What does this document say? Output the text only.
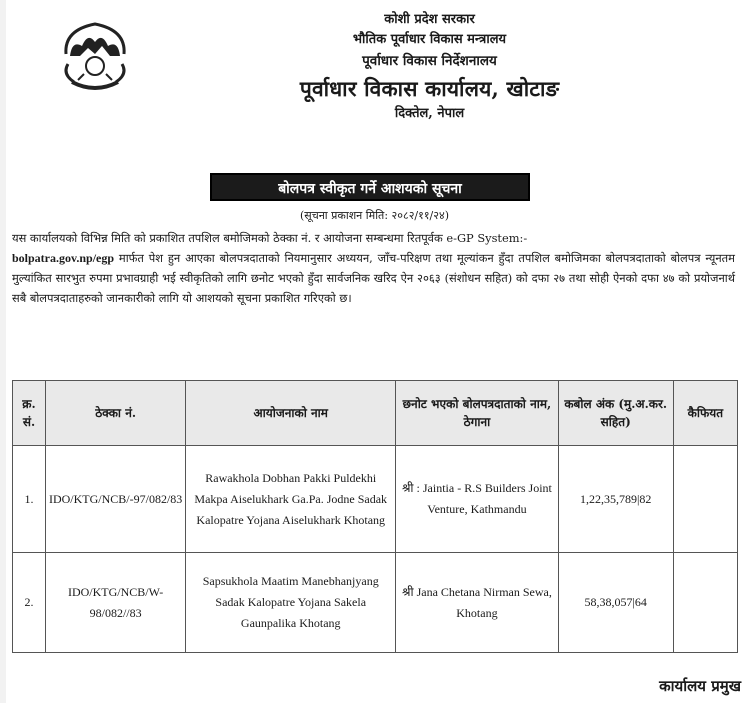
कोशी प्रदेश सरकार
भौतिक पूर्वाधार विकास मन्त्रालय
पूर्वाधार विकास निर्देशनालय
पूर्वाधार विकास कार्यालय, खोटाङ
दिक्तेल, नेपाल
बोलपत्र स्वीकृत गर्ने आशयको सूचना
(सूचना प्रकाशन मिति: २०८२/११/२४)
यस कार्यालयको विभिन्न मिति को प्रकाशित तपशिल बमोजिमको ठेक्का नं. र आयोजना सम्बन्धमा रितपूर्वक e-GP System:-
bolpatra.gov.np/egp मार्फत पेश हुन आएका बोलपत्रदाताको नियमानुसार अध्ययन, जाँच-परिक्षण तथा मूल्यांकन हुँदा तपशिल बमोजिमका बोलपत्रदाताको बोलपत्र न्यूनतम मुल्यांकित सारभुत रुपमा प्रभावग्राही भई स्वीकृतिको लागि छनोट भएको हुँदा सार्वजनिक खरिद ऐन २०६३ (संशोधन सहित) को दफा २७ तथा सोही ऐनको दफा ४७ को प्रयोजनार्थ सबै बोलपत्रदाताहरुको जानकारीको लागि यो आशयको सूचना प्रकाशित गरिएको छ।
क्र. सं.	ठेक्का नं.	आयोजनाको नाम	छनोट भएको बोलपत्रदाताको नाम, ठेगाना	कबोल अंक (मु.अ.कर. सहित)	कैफियत
1.	IDO/KTG/NCB/-97/082/83	Rawakhola Dobhan Pakki Puldekhi Makpa Aiselukhark Ga.Pa. Jodne Sadak Kalopatre Yojana Aiselukhark Khotang	श्री : Jaintia - R.S Builders Joint Venture, Kathmandu	1,22,35,789|82	
2.	IDO/KTG/NCB/W-98/082//83	Sapsukhola Maatim Manebhanjyang Sadak Kalopatre Yojana Sakela Gaunpalika Khotang	श्री Jana Chetana Nirman Sewa, Khotang	58,38,057|64	
कार्यालय प्रमुख
